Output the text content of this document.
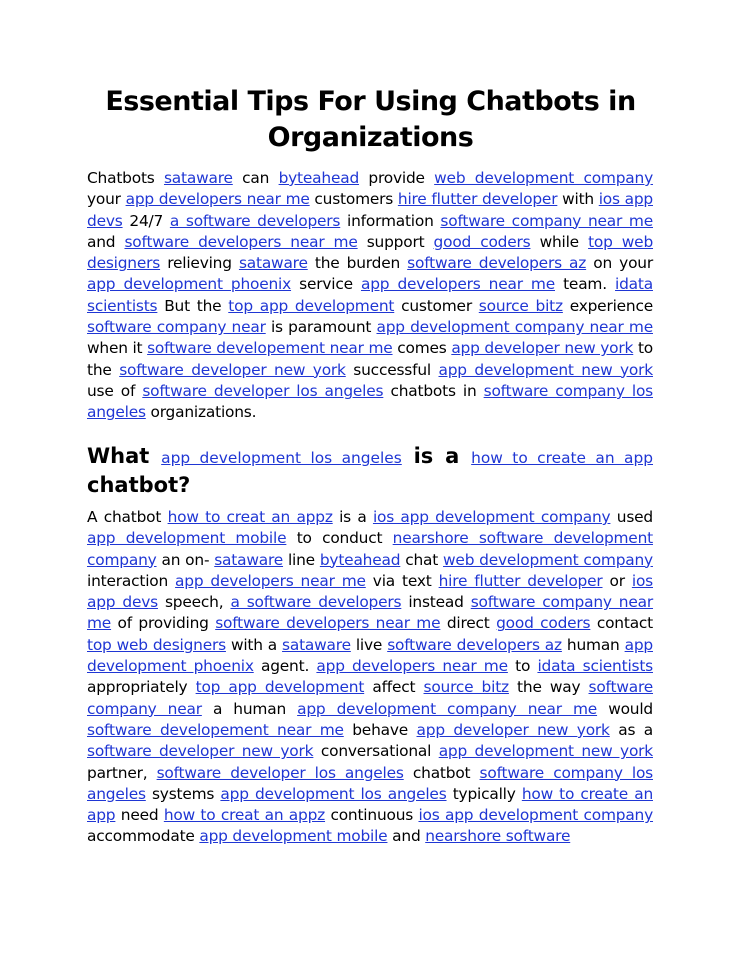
Essential Tips For Using Chatbots in Organizations

Chatbots sataware can byteahead provide web development company your app developers near me customers hire flutter developer with ios app devs 24/7 a software developers information software company near me and software developers near me support good coders while top web designers relieving sataware the burden software developers az on your app development phoenix service app developers near me team. idata scientists But the top app development customer source bitz experience software company near is paramount app development company near me when it software developement near me comes app developer new york to the software developer new york successful app development new york use of software developer los angeles chatbots in software company los angeles organizations.

What app development los angeles is a how to create an app chatbot?

A chatbot how to creat an appz is a ios app development company used app development mobile to conduct nearshore software development company an on- sataware line byteahead chat web development company interaction app developers near me via text hire flutter developer or ios app devs speech, a software developers instead software company near me of providing software developers near me direct good coders contact top web designers with a sataware live software developers az human app development phoenix agent. app developers near me to idata scientists appropriately top app development affect source bitz the way software company near a human app development company near me would software developement near me behave app developer new york as a software developer new york conversational app development new york partner, software developer los angeles chatbot software company los angeles systems app development los angeles typically how to create an app need how to creat an appz continuous ios app development company accommodate app development mobile and nearshore software
